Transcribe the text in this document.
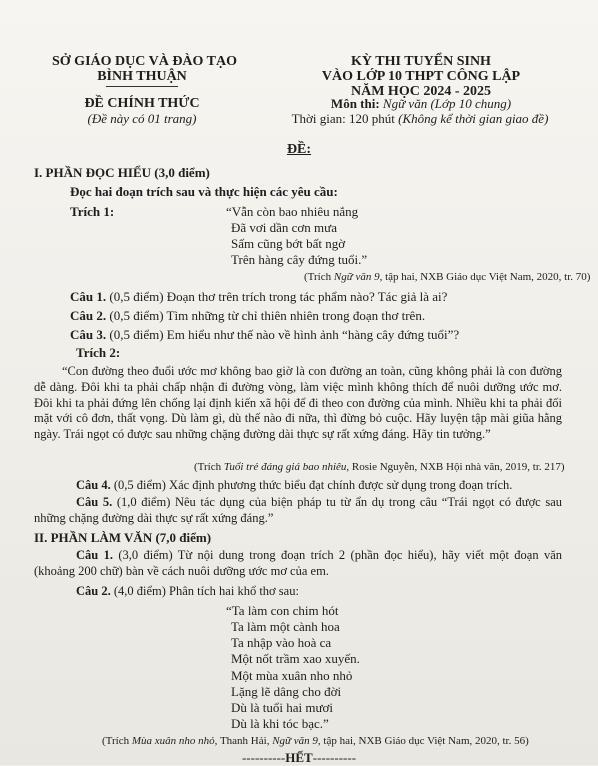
SỞ GIÁO DỤC VÀ ĐÀO TẠO
BÌNH THUẬN
ĐỀ CHÍNH THỨC
(Đề này có 01 trang)
KỲ THI TUYỂN SINH
VÀO LỚP 10 THPT CÔNG LẬP
NĂM HỌC 2024 - 2025
Môn thi: Ngữ văn (Lớp 10 chung)
Thời gian: 120 phút (Không kể thời gian giao đề)
ĐỀ:
I. PHẦN ĐỌC HIỂU (3,0 điểm)
Đọc hai đoạn trích sau và thực hiện các yêu cầu:
Trích 1:	“Vẫn còn bao nhiêu nắng
Đã vơi dần cơn mưa
Sấm cũng bớt bất ngờ
Trên hàng cây đứng tuổi.”
(Trích Ngữ văn 9, tập hai, NXB Giáo dục Việt Nam, 2020, tr. 70)
Câu 1. (0,5 điểm) Đoạn thơ trên trích trong tác phẩm nào? Tác giả là ai?
Câu 2. (0,5 điểm) Tìm những từ chỉ thiên nhiên trong đoạn thơ trên.
Câu 3. (0,5 điểm) Em hiểu như thế nào về hình ảnh “hàng cây đứng tuổi”?
Trích 2:
“Con đường theo đuổi ước mơ không bao giờ là con đường an toàn, cũng không phải là con đường dễ dàng. Đôi khi ta phải chấp nhận đi đường vòng, làm việc mình không thích để nuôi dưỡng ước mơ. Đôi khi ta phải đứng lên chống lại định kiến xã hội để đi theo con đường của mình. Nhiều khi ta phải đối mặt với cô đơn, thất vọng. Dù làm gì, dù thế nào đi nữa, thì đừng bỏ cuộc. Hãy luyện tập mài giũa hằng ngày. Trái ngọt có được sau những chặng đường dài thực sự rất xứng đáng. Hãy tin tưởng.”
(Trích Tuổi trẻ đáng giá bao nhiêu, Rosie Nguyễn, NXB Hội nhà văn, 2019, tr. 217)
Câu 4. (0,5 điểm) Xác định phương thức biểu đạt chính được sử dụng trong đoạn trích.
Câu 5. (1,0 điểm) Nêu tác dụng của biện pháp tu từ ẩn dụ trong câu “Trái ngọt có được sau những chặng đường dài thực sự rất xứng đáng.”
II. PHẦN LÀM VĂN (7,0 điểm)
Câu 1. (3,0 điểm) Từ nội dung trong đoạn trích 2 (phần đọc hiểu), hãy viết một đoạn văn (khoảng 200 chữ) bàn về cách nuôi dưỡng ước mơ của em.
Câu 2. (4,0 điểm) Phân tích hai khổ thơ sau:
“Ta làm con chim hót
Ta làm một cành hoa
Ta nhập vào hoà ca
Một nốt trầm xao xuyến.
Một mùa xuân nho nhỏ
Lặng lẽ dâng cho đời
Dù là tuổi hai mươi
Dù là khi tóc bạc.”
(Trích Mùa xuân nho nhỏ, Thanh Hải, Ngữ văn 9, tập hai, NXB Giáo dục Việt Nam, 2020, tr. 56)
----------HẾT----------
